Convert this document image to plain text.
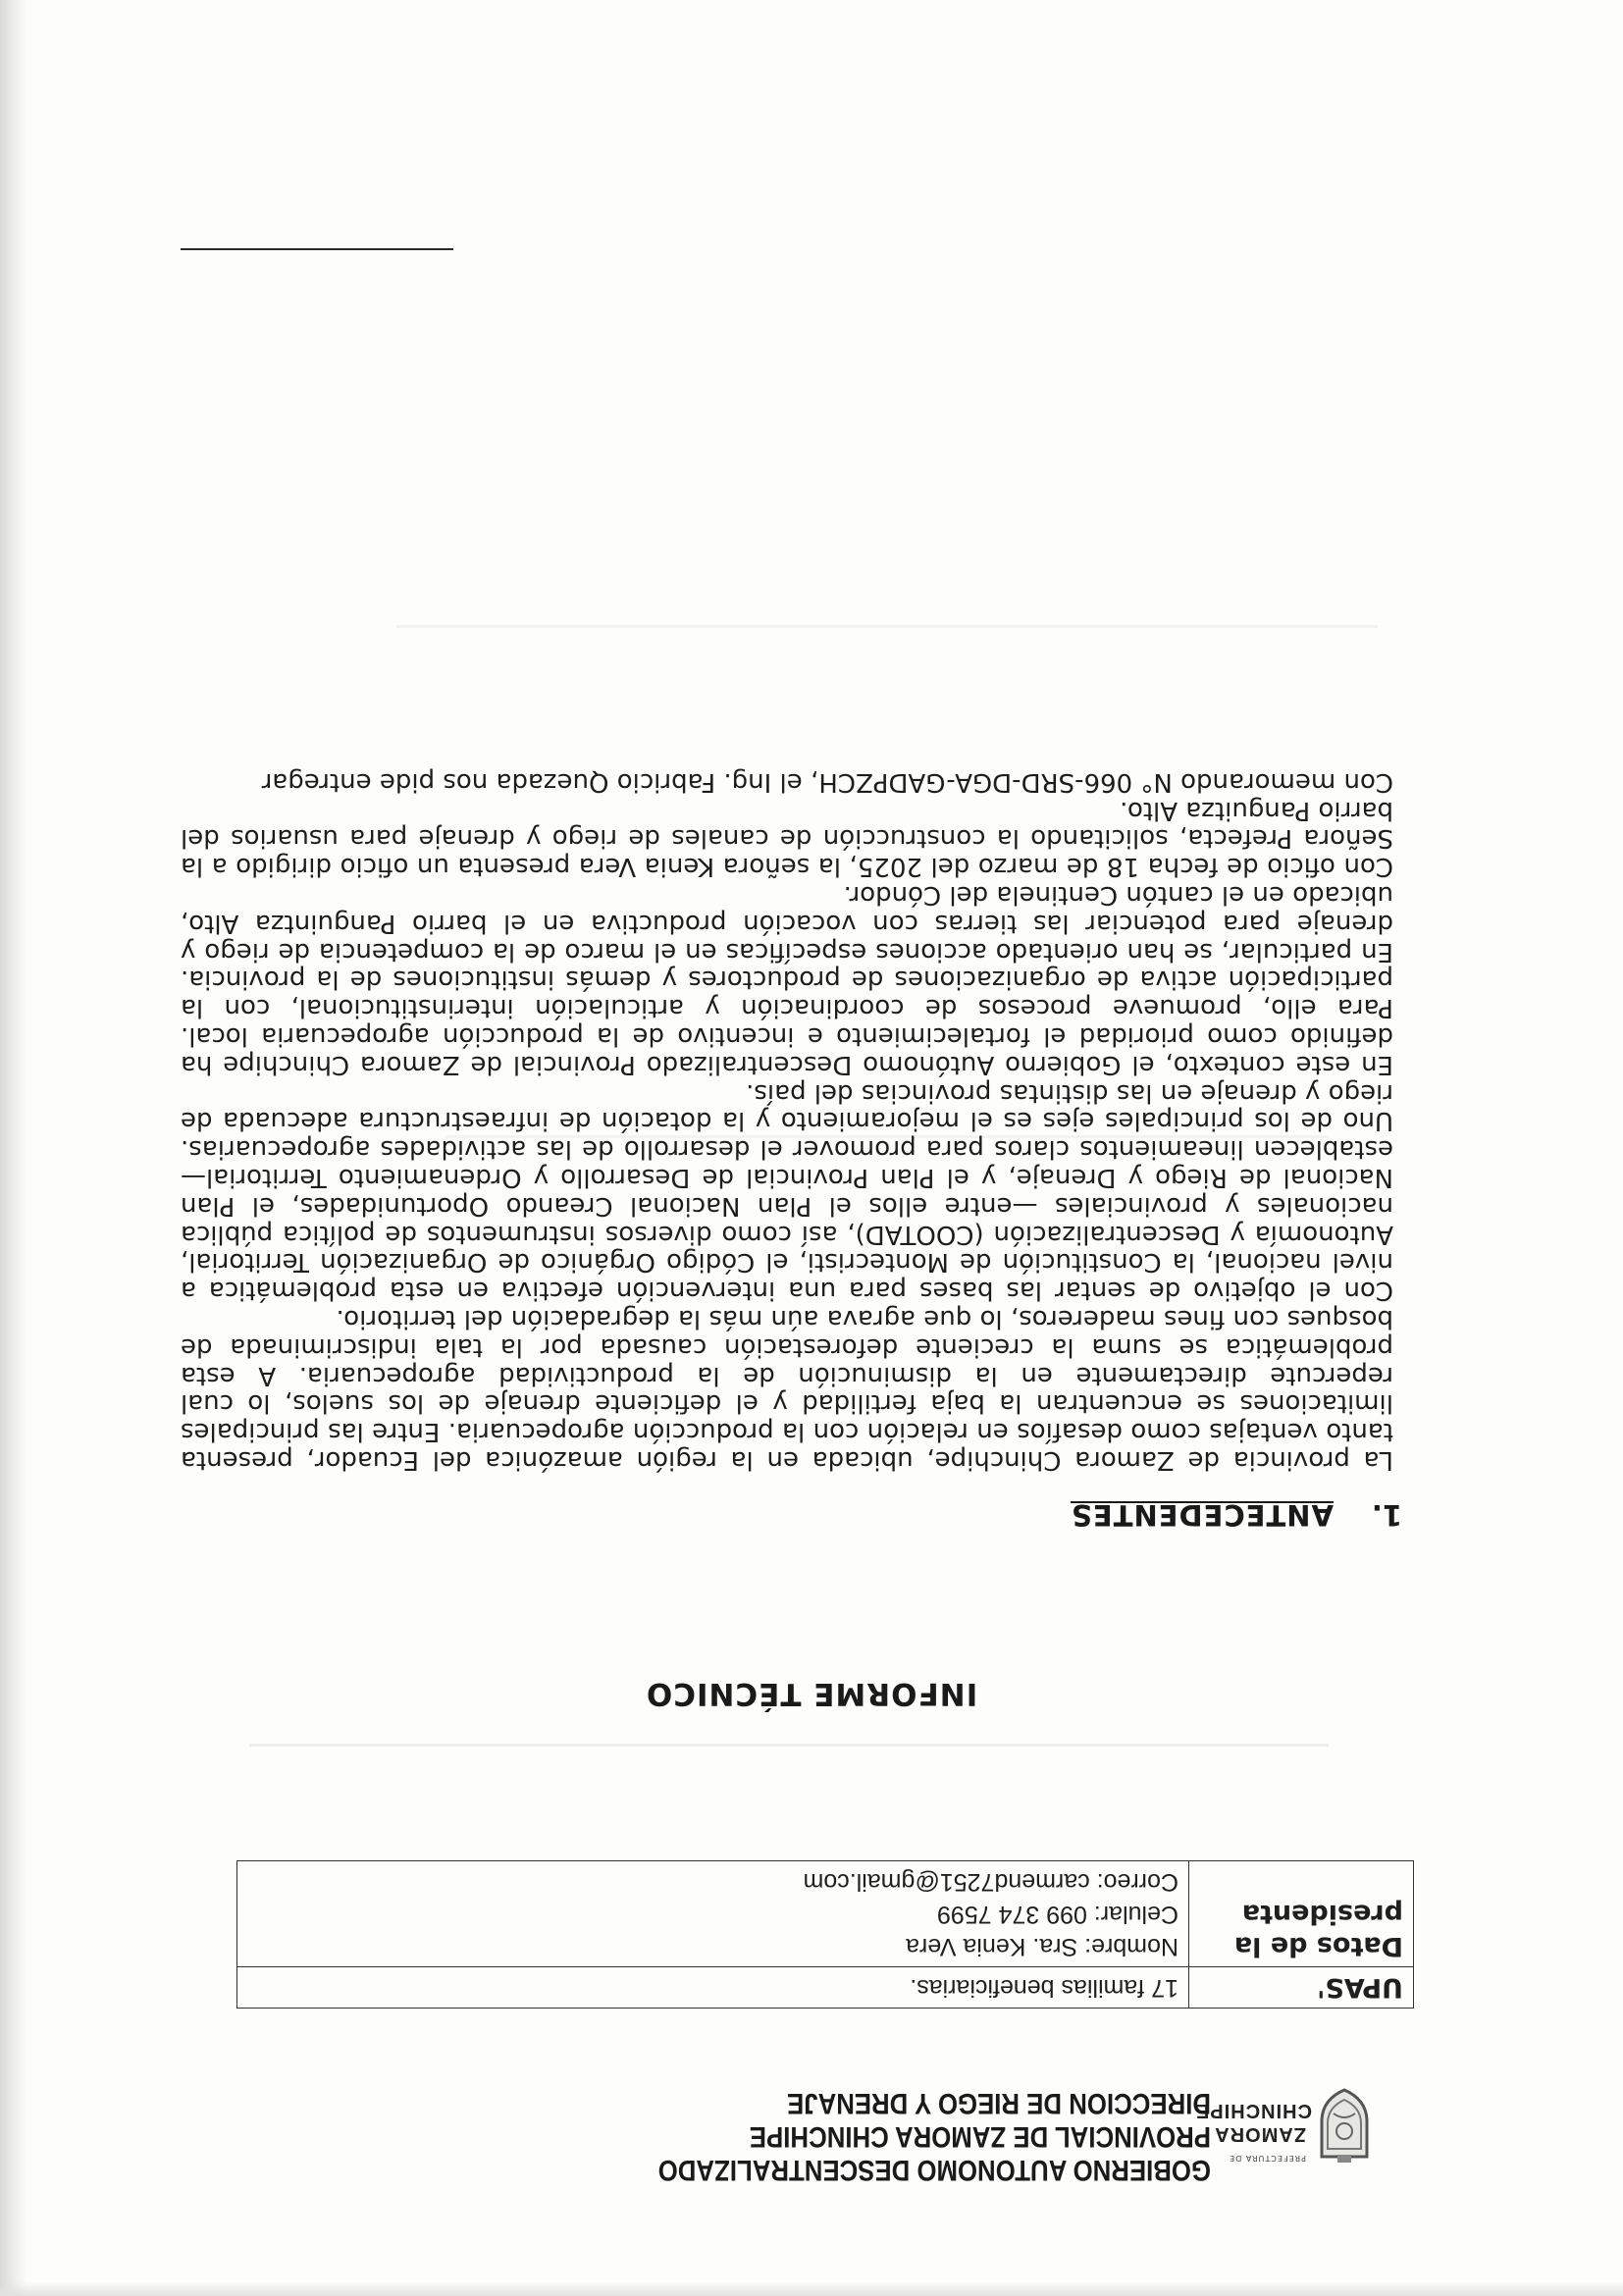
PREFECTURA DE
ZAMORA
CHINCHIPE
GOBIERNO AUTONOMO DESCENTRALIZADO
PROVINCIAL DE ZAMORA CHINCHIPE
DIRECCION DE RIEGO Y DRENAJE
UPAS'	17 familias beneficiarias.

Datos de la presidenta	Nombre: Sra. Kenia Vera
Celular: 099 374 7599
Correo: carmend7251@gmail.com
INFORME TÉCNICO
1.ANTECEDENTES

La provincia de Zamora Chinchipe, ubicada en la región amazónica del Ecuador, presenta tanto ventajas como desafíos en relación con la producción agropecuaria. Entre las principales limitaciones se encuentran la baja fertilidad y el deficiente drenaje de los suelos, lo cual repercute directamente en la disminución de la productividad agropecuaria. A esta problemática se suma la creciente deforestación causada por la tala indiscriminada de bosques con fines madereros, lo que agrava aún más la degradación del territorio.

Con el objetivo de sentar las bases para una intervención efectiva en esta problemática a nivel nacional, la Constitución de Montecristi, el Código Orgánico de Organización Territorial, Autonomía y Descentralización (COOTAD), así como diversos instrumentos de política pública nacionales y provinciales —entre ellos el Plan Nacional Creando Oportunidades, el Plan Nacional de Riego y Drenaje, y el Plan Provincial de Desarrollo y Ordenamiento Territorial— establecen lineamientos claros para promover el desarrollo de las actividades agropecuarias. Uno de los principales ejes es el mejoramiento y la dotación de infraestructura adecuada de riego y drenaje en las distintas provincias del país.

En este contexto, el Gobierno Autónomo Descentralizado Provincial de Zamora Chinchipe ha definido como prioridad el fortalecimiento e incentivo de la producción agropecuaria local. Para ello, promueve procesos de coordinación y articulación interinstitucional, con la participación activa de organizaciones de productores y demás instituciones de la provincia. En particular, se han orientado acciones específicas en el marco de la competencia de riego y drenaje para potenciar las tierras con vocación productiva en el barrio Panguintza Alto, ubicado en el cantón Centinela del Cóndor.

Con oficio de fecha 18 de marzo del 2025, la señora Kenia Vera presenta un oficio dirigido a la Señora Prefecta, solicitando la construcción de canales de riego y drenaje para usuarios del barrio Panguitza Alto.

Con memorando N° 066-SRD-DGA-GADPZCH, el Ing. Fabricio Quezada nos pide entregar
